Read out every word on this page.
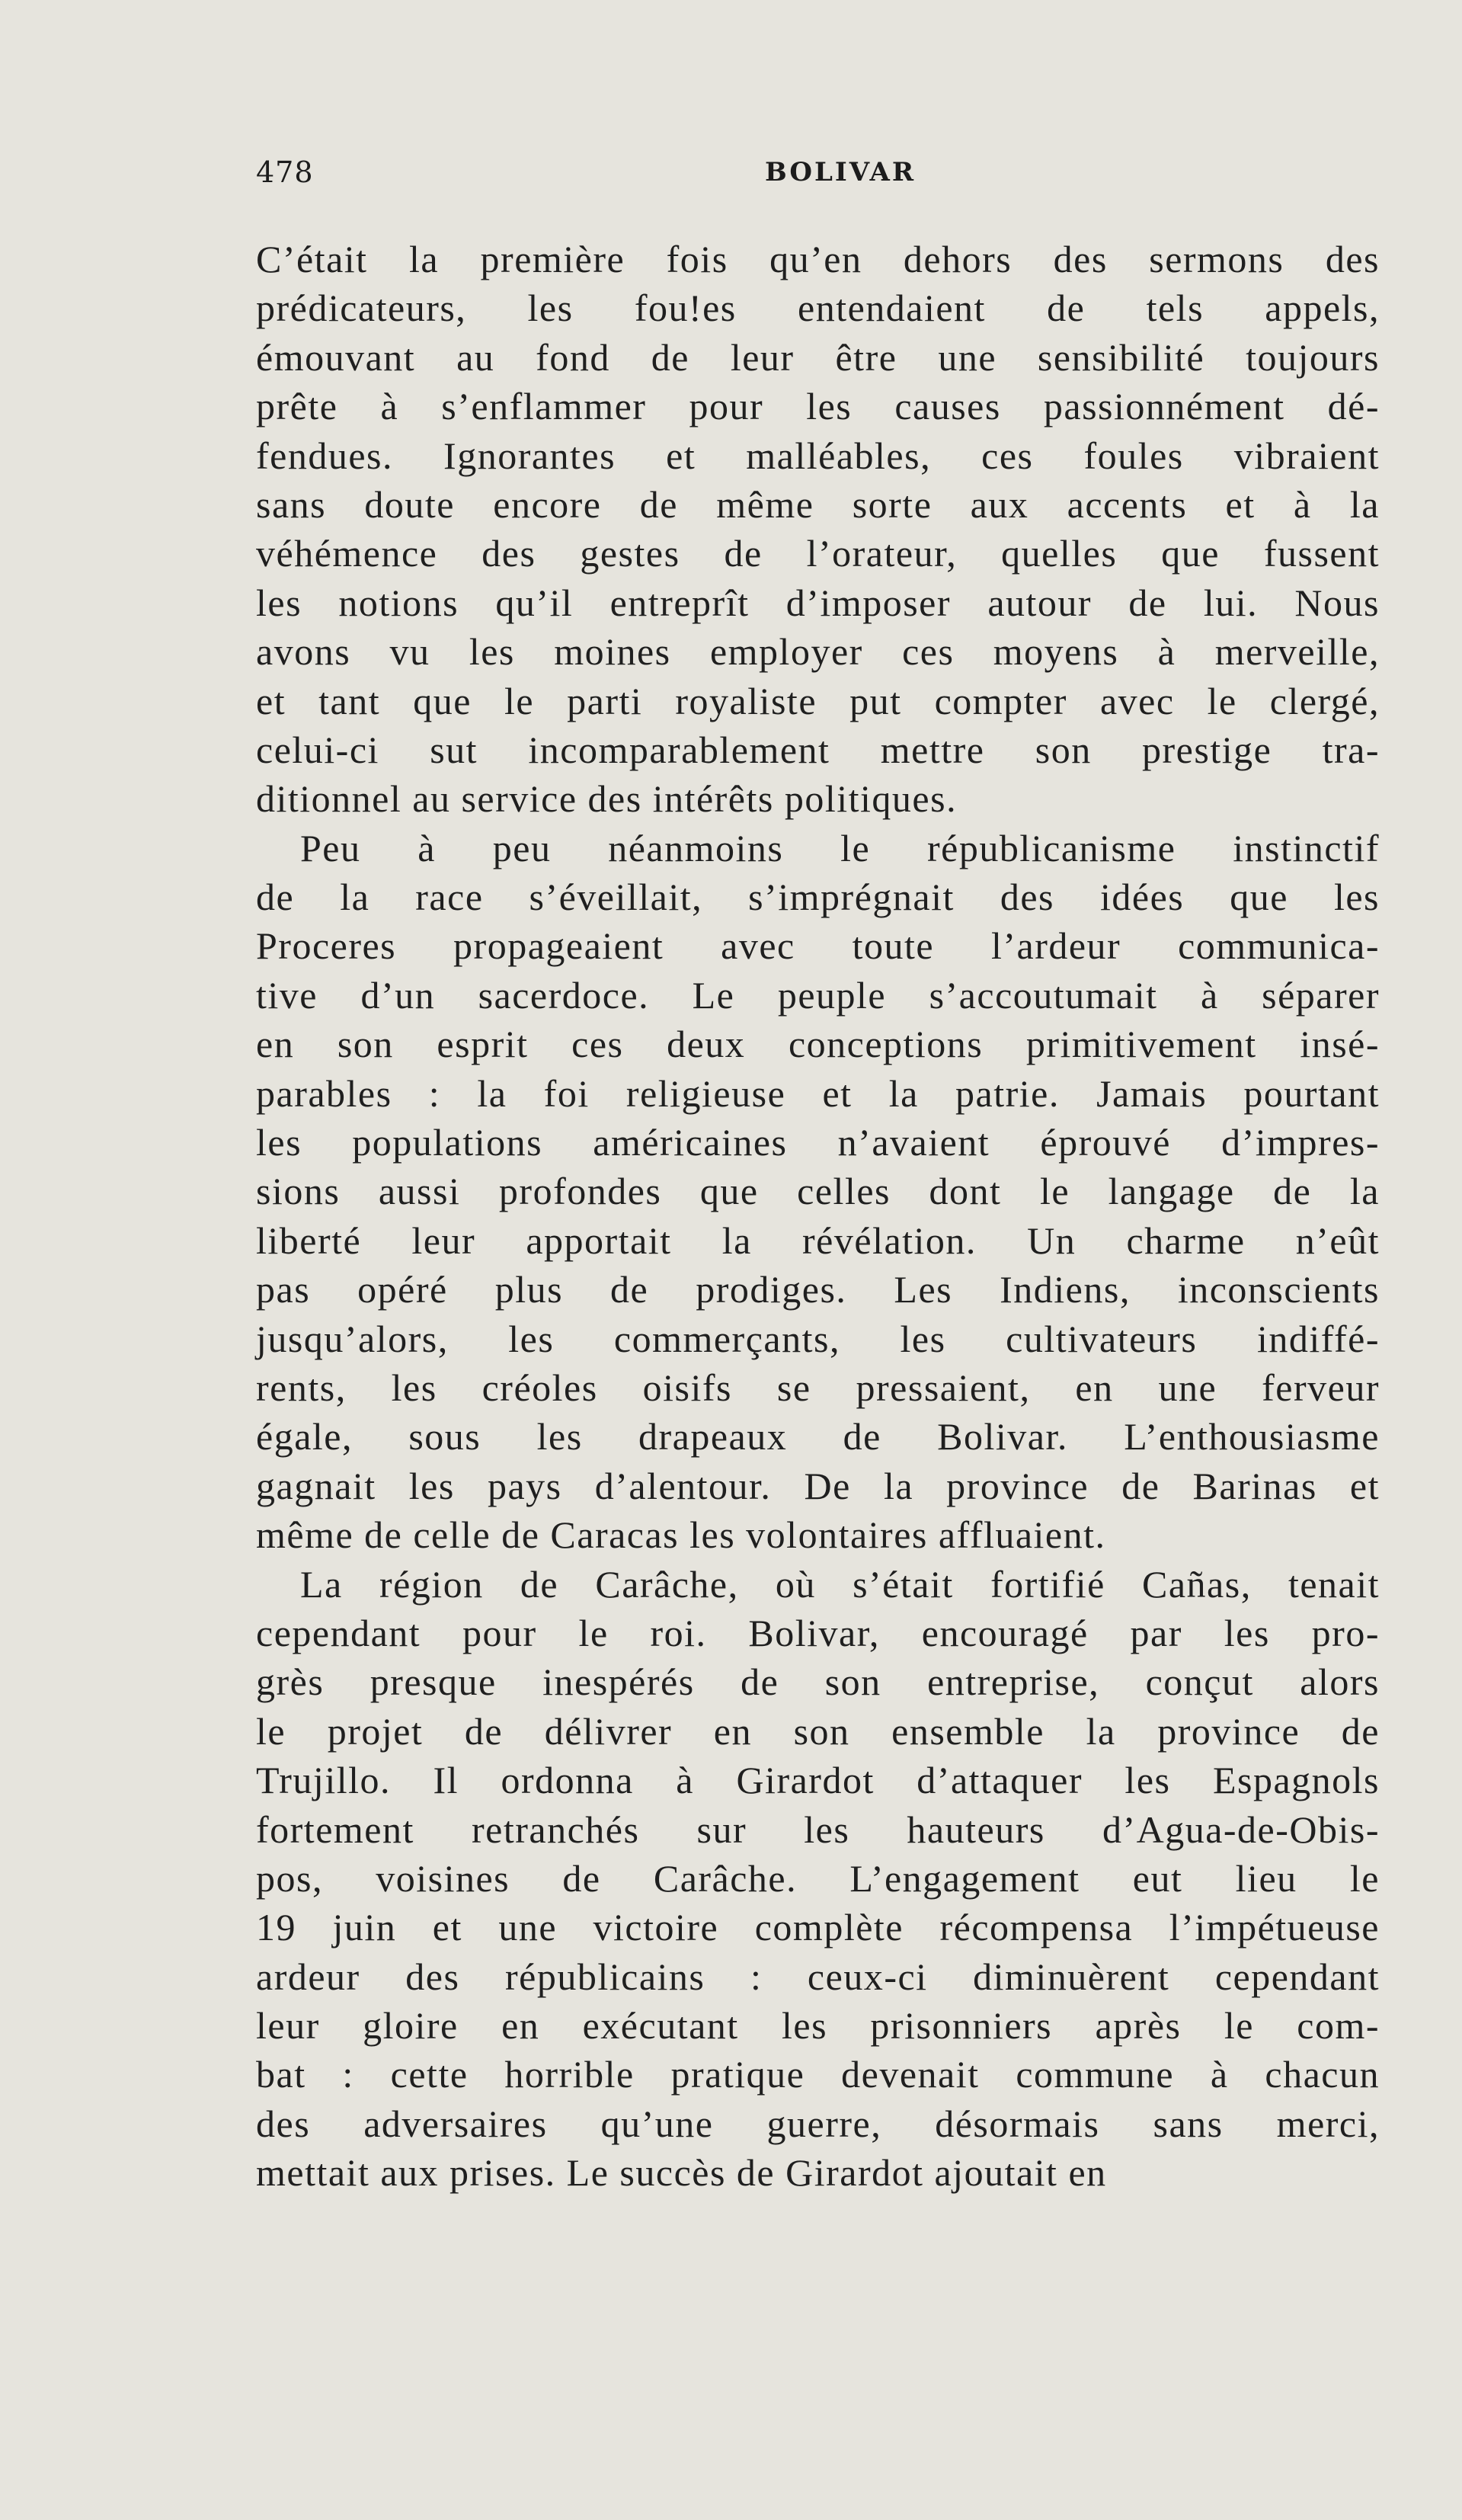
478	BOLIVAR
C’était la première fois qu’en dehors des sermons des
prédicateurs, les fou!es entendaient de tels appels,
émouvant au fond de leur être une sensibilité toujours
prête à s’enflammer pour les causes passionnément dé-
fendues. Ignorantes et malléables, ces foules vibraient
sans doute encore de même sorte aux accents et à la
véhémence des gestes de l’orateur, quelles que fussent
les notions qu’il entreprît d’imposer autour de lui. Nous
avons vu les moines employer ces moyens à merveille,
et tant que le parti royaliste put compter avec le clergé,
celui-ci sut incomparablement mettre son prestige tra-
ditionnel au service des intérêts politiques.
Peu à peu néanmoins le républicanisme instinctif
de la race s’éveillait, s’imprégnait des idées que les
Proceres propageaient avec toute l’ardeur communica-
tive d’un sacerdoce. Le peuple s’accoutumait à séparer
en son esprit ces deux conceptions primitivement insé-
parables : la foi religieuse et la patrie. Jamais pourtant
les populations américaines n’avaient éprouvé d’impres-
sions aussi profondes que celles dont le langage de la
liberté leur apportait la révélation. Un charme n’eût
pas opéré plus de prodiges. Les Indiens, inconscients
jusqu’alors, les commerçants, les cultivateurs indiffé-
rents, les créoles oisifs se pressaient, en une ferveur
égale, sous les drapeaux de Bolivar. L’enthousiasme
gagnait les pays d’alentour. De la province de Barinas et
même de celle de Caracas les volontaires affluaient.
La région de Carâche, où s’était fortifié Cañas, tenait
cependant pour le roi. Bolivar, encouragé par les pro-
grès presque inespérés de son entreprise, conçut alors
le projet de délivrer en son ensemble la province de
Trujillo. Il ordonna à Girardot d’attaquer les Espagnols
fortement retranchés sur les hauteurs d’Agua-de-Obis-
pos, voisines de Carâche. L’engagement eut lieu le
19 juin et une victoire complète récompensa l’impétueuse
ardeur des républicains : ceux-ci diminuèrent cependant
leur gloire en exécutant les prisonniers après le com-
bat : cette horrible pratique devenait commune à chacun
des adversaires qu’une guerre, désormais sans merci,
mettait aux prises. Le succès de Girardot ajoutait en
